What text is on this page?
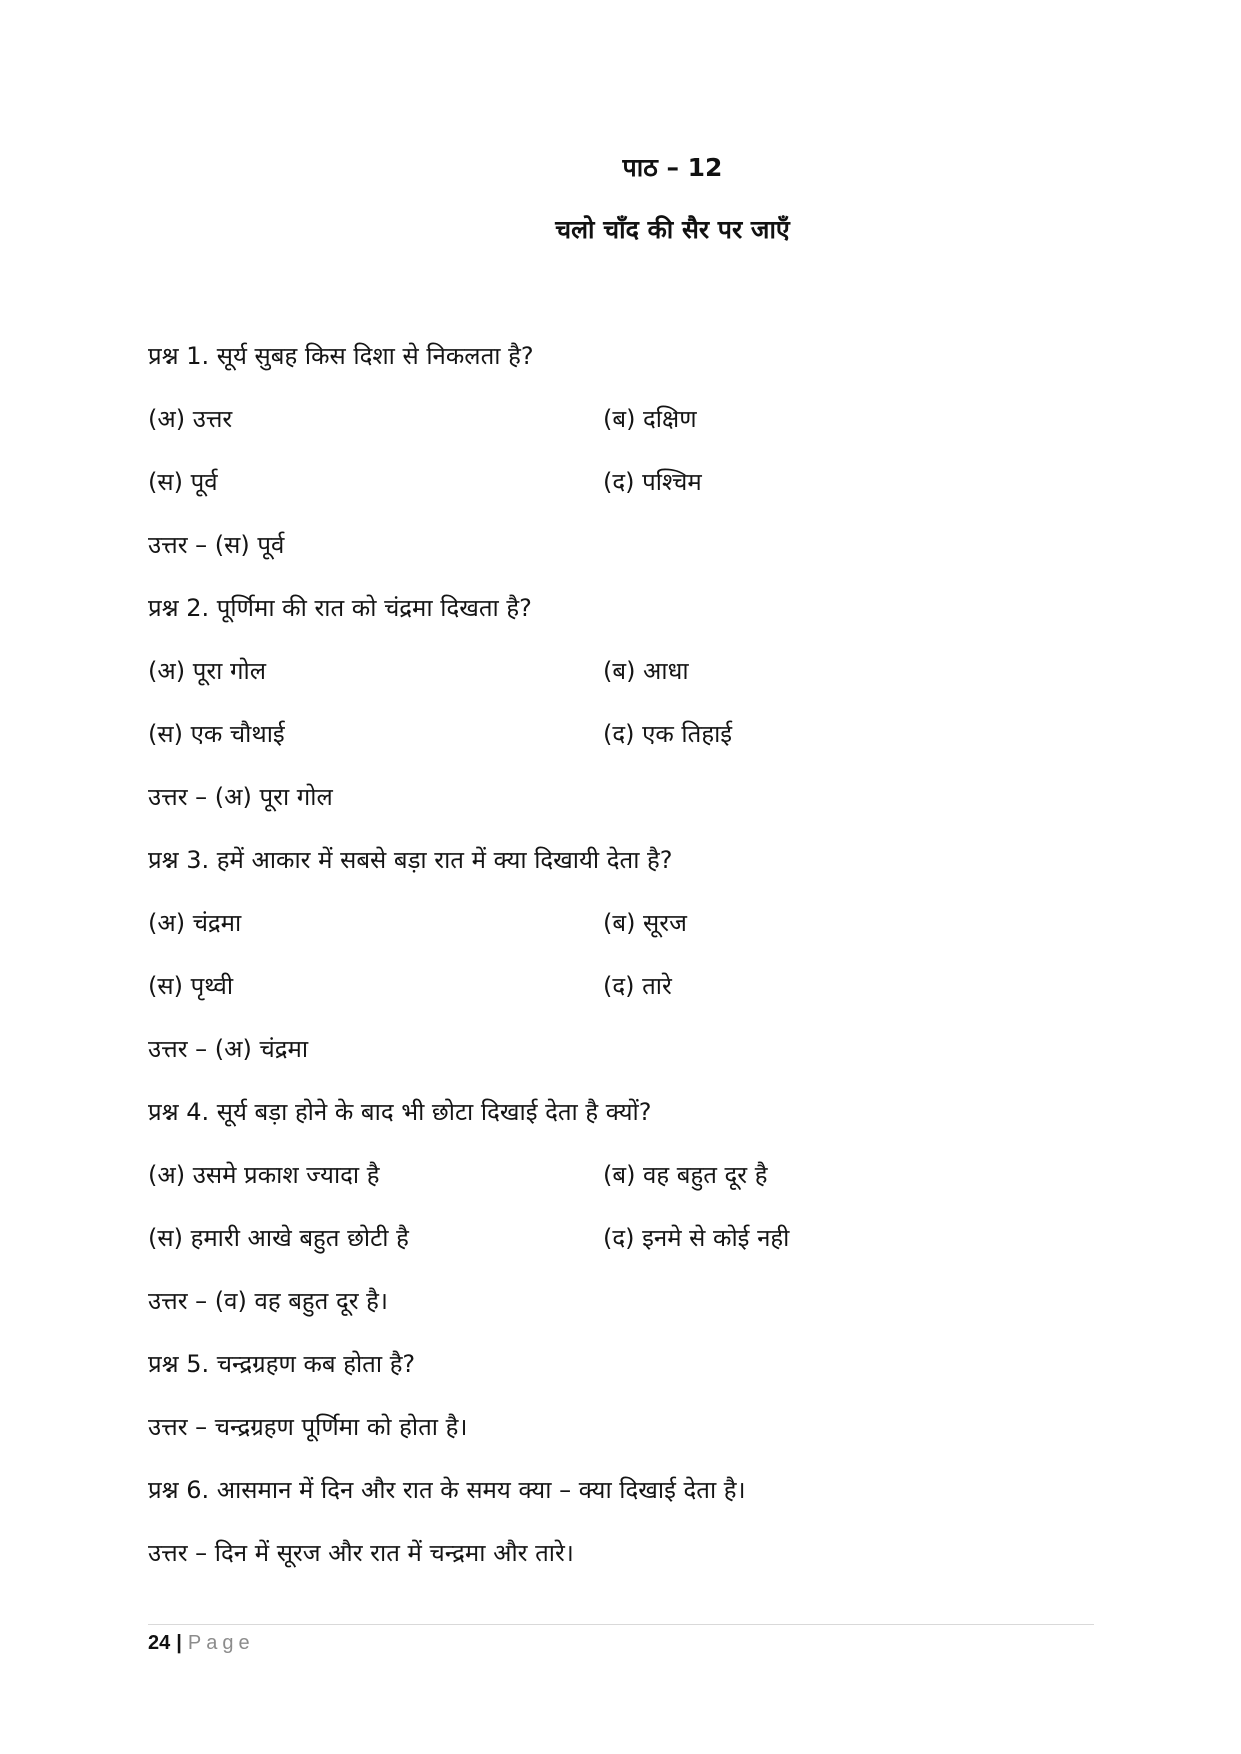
पाठ – 12
चलो चाँद की सैर पर जाएँ
प्रश्न 1. सूर्य सुबह किस दिशा से निकलता है?
(अ) उत्तर	(ब) दक्षिण
(स) पूर्व	(द) पश्चिम
उत्तर – (स) पूर्व
प्रश्न 2. पूर्णिमा की रात को चंद्रमा दिखता है?
(अ) पूरा गोल	(ब) आधा
(स) एक चौथाई	(द) एक तिहाई
उत्तर – (अ) पूरा गोल
प्रश्न 3. हमें आकार में सबसे बड़ा रात में क्या दिखायी देता है?
(अ) चंद्रमा	(ब) सूरज
(स) पृथ्वी	(द) तारे
उत्तर – (अ) चंद्रमा
प्रश्न 4. सूर्य बड़ा होने के बाद भी छोटा दिखाई देता है क्यों?
(अ) उसमे प्रकाश ज्यादा है	(ब) वह बहुत दूर है
(स) हमारी आखे बहुत छोटी है	(द) इनमे से कोई नही
उत्तर – (व) वह बहुत दूर है।
प्रश्न 5. चन्द्रग्रहण कब होता है?
उत्तर – चन्द्रग्रहण पूर्णिमा को होता है।
प्रश्न 6. आसमान में दिन और रात के समय क्या – क्या दिखाई देता है।
उत्तर – दिन में सूरज और रात में चन्द्रमा और तारे।
24 | Page
